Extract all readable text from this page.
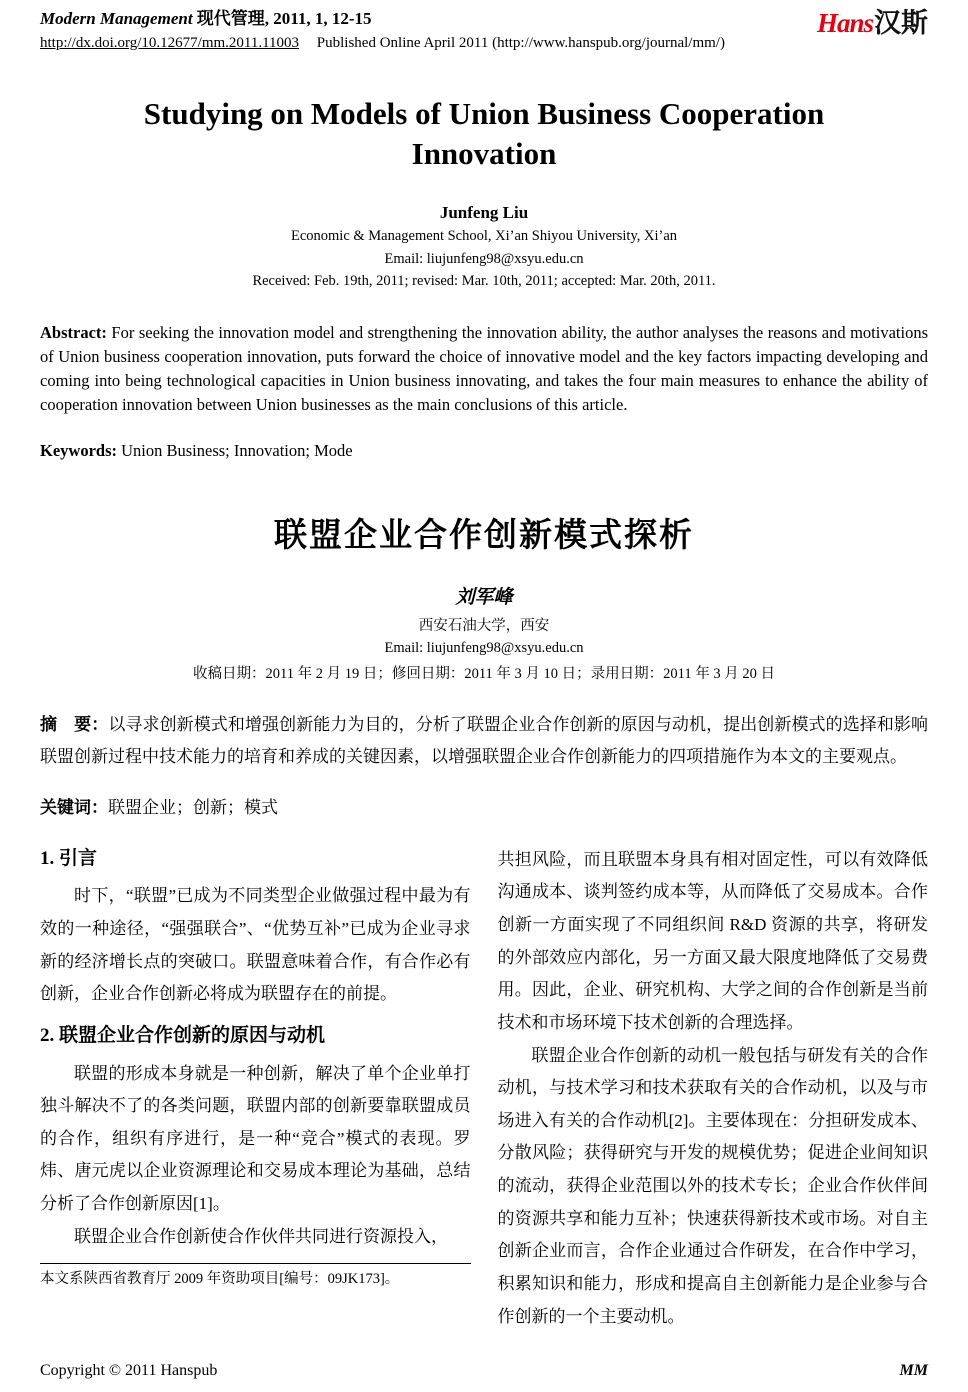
Modern Management 现代管理, 2011, 1, 12-15
http://dx.doi.org/10.12677/mm.2011.11003 Published Online April 2011 (http://www.hanspub.org/journal/mm/)
Hans汉斯
Studying on Models of Union Business Cooperation Innovation
Junfeng Liu
Economic & Management School, Xi’an Shiyou University, Xi’an
Email: liujunfeng98@xsyu.edu.cn
Received: Feb. 19th, 2011; revised: Mar. 10th, 2011; accepted: Mar. 20th, 2011.

Abstract: For seeking the innovation model and strengthening the innovation ability, the author analyses the reasons and motivations of Union business cooperation innovation, puts forward the choice of innovative model and the key factors impacting developing and coming into being technological capacities in Union business innovating, and takes the four main measures to enhance the ability of cooperation innovation between Union businesses as the main conclusions of this article.

Keywords: Union Business; Innovation; Mode

联盟企业合作创新模式探析
刘军峰
西安石油大学，西安
Email: liujunfeng98@xsyu.edu.cn
收稿日期：2011 年 2 月 19 日；修回日期：2011 年 3 月 10 日；录用日期：2011 年 3 月 20 日

摘　要：以寻求创新模式和增强创新能力为目的，分析了联盟企业合作创新的原因与动机，提出创新模式的选择和影响联盟创新过程中技术能力的培育和养成的关键因素，以增强联盟企业合作创新能力的四项措施作为本文的主要观点。

关键词：联盟企业；创新；模式

1. 引言

时下，“联盟”已成为不同类型企业做强过程中最为有效的一种途径，“强强联合”、“优势互补”已成为企业寻求新的经济增长点的突破口。联盟意味着合作，有合作必有创新，企业合作创新必将成为联盟存在的前提。

2. 联盟企业合作创新的原因与动机

联盟的形成本身就是一种创新，解决了单个企业单打独斗解决不了的各类问题，联盟内部的创新要靠联盟成员的合作，组织有序进行，是一种“竞合”模式的表现。罗炜、唐元虎以企业资源理论和交易成本理论为基础，总结分析了合作创新原因[1]。

联盟企业合作创新使合作伙伴共同进行资源投入，

本文系陕西省教育厅 2009 年资助项目[编号：09JK173]。

共担风险，而且联盟本身具有相对固定性，可以有效降低沟通成本、谈判签约成本等，从而降低了交易成本。合作创新一方面实现了不同组织间 R&D 资源的共享，将研发的外部效应内部化，另一方面又最大限度地降低了交易费用。因此，企业、研究机构、大学之间的合作创新是当前技术和市场环境下技术创新的合理选择。

联盟企业合作创新的动机一般包括与研发有关的合作动机，与技术学习和技术获取有关的合作动机，以及与市场进入有关的合作动机[2]。主要体现在：分担研发成本、分散风险；获得研究与开发的规模优势；促进企业间知识的流动，获得企业范围以外的技术专长；企业合作伙伴间的资源共享和能力互补；快速获得新技术或市场。对自主创新企业而言，合作企业通过合作研发，在合作中学习，积累知识和能力，形成和提高自主创新能力是企业参与合作创新的一个主要动机。

Copyright © 2011 Hanspub	MM
